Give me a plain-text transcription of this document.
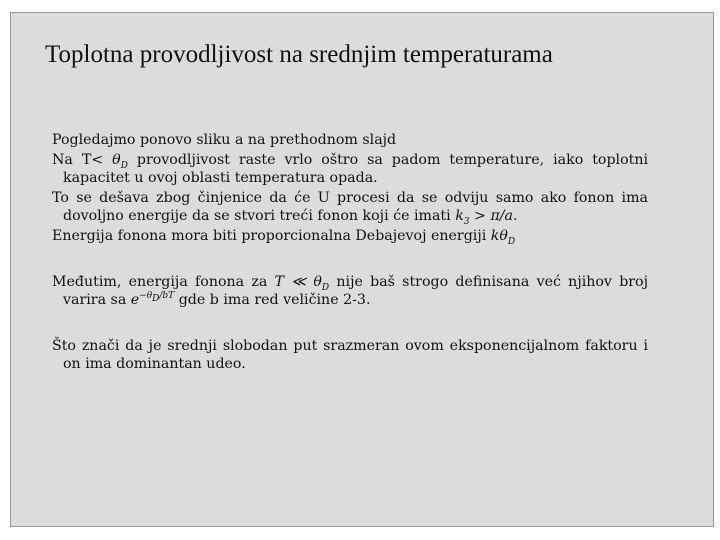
Toplotna provodljivost na srednjim temperaturama

Pogledajmo ponovo sliku a na prethodnom slajd

Na $T< \theta_D$ provodljivost raste vrlo oštro sa padom temperature, iako toplotni kapacitet u ovoj oblasti temperatura opada.

To se dešava zbog činjenice da će U procesi da se odviju samo ako fonon ima dovoljno energije da se stvori treći fonon koji će imati $k_3 > \pi/a$.

Energija fonona mora biti proporcionalna Debajevoj energiji $k\theta_D$

Međutim, energija fonona za T ≪ $\theta_D$ nije baš strogo definisana već njihov broj varira sa $e^{-\theta_D/bT}$ gde b ima red veličine 2-3.

Što znači da je srednji slobodan put srazmeran ovom eksponencijalnom faktoru i on ima dominantan udeo.
